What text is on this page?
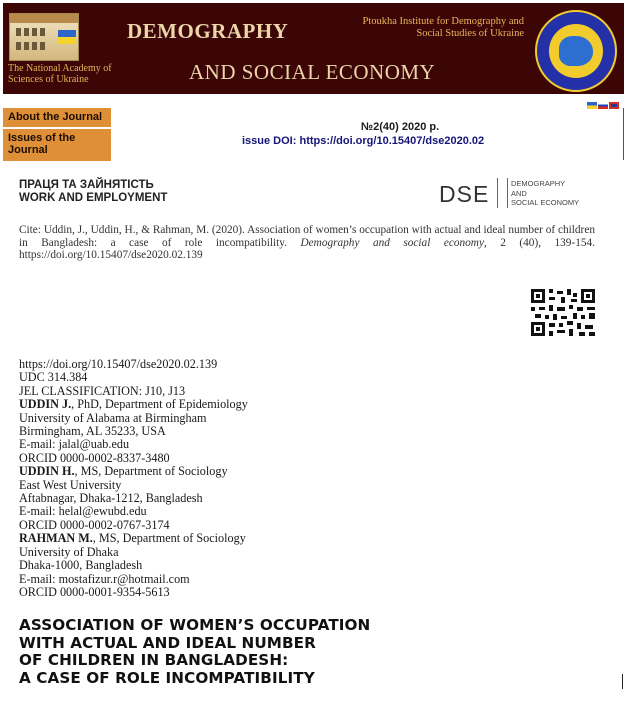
The National Academy of Sciences of Ukraine
DEMOGRAPHY
AND SOCIAL ECONOMY
Ptoukha Institute for Demography and Social Studies of Ukraine
About the Journal
Issues of the Journal
№2(40) 2020 р.
issue DOI: https://doi.org/10.15407/dse2020.02
ПРАЦЯ ТА ЗАЙНЯТІСТЬ
WORK AND EMPLOYMENT	DSE	DEMOGRAPHY
AND
SOCIAL ECONOMY
Cite: Uddin, J., Uddin, H., & Rahman, M. (2020). Association of women’s occupation with actual and ideal number of children in Bangladesh: a case of role incompatibility. Demography and social economy, 2 (40), 139-154. https://doi.org/10.15407/dse2020.02.139
https://doi.org/10.15407/dse2020.02.139
UDC 314.384
JEL CLASSIFICATION: J10, J13
UDDIN J., PhD, Department of Epidemiology
University of Alabama at Birmingham
Birmingham, AL 35233, USA
E-mail: jalal@uab.edu
ORCID 0000-0002-8337-3480
UDDIN H., MS, Department of Sociology
East West University
Aftabnagar, Dhaka-1212, Bangladesh
E-mail: helal@ewubd.edu
ORCID 0000-0002-0767-3174
RAHMAN M., MS, Department of Sociology
University of Dhaka
Dhaka-1000, Bangladesh
E-mail: mostafizur.r@hotmail.com
ORCID 0000-0001-9354-5613
ASSOCIATION OF WOMEN’S OCCUPATION
WITH ACTUAL AND IDEAL NUMBER
OF CHILDREN IN BANGLADESH:
A CASE OF ROLE INCOMPATIBILITY
